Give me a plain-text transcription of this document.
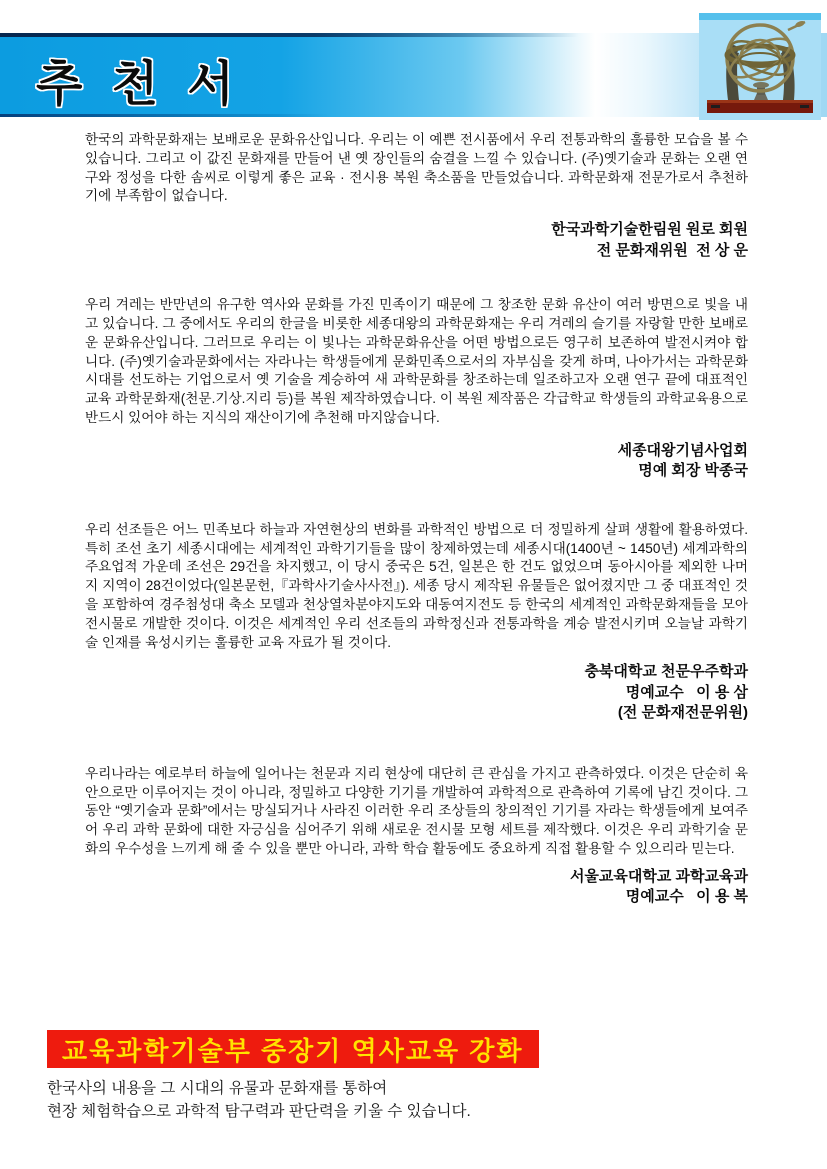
추 천 서

한국의 과학문화재는 보배로운 문화유산입니다. 우리는 이 예쁜 전시품에서 우리 전통과학의 훌륭한 모습을 볼 수 있습니다. 그리고 이 값진 문화재를 만들어 낸 옛 장인들의 숨결을 느낄 수 있습니다. (주)옛기술과 문화는 오랜 연구와 정성을 다한 솜씨로 이렇게 좋은 교육 · 전시용 복원 축소품을 만들었습니다. 과학문화재 전문가로서 추천하기에 부족함이 없습니다.

한국과학기술한림원 원로 회원
전 문화재위원  전 상 운

우리 겨레는 반만년의 유구한 역사와 문화를 가진 민족이기 때문에 그 창조한 문화 유산이 여러 방면으로 빛을 내고 있습니다. 그 중에서도 우리의 한글을 비롯한 세종대왕의 과학문화재는 우리 겨레의 슬기를 자랑할 만한 보배로운 문화유산입니다. 그러므로 우리는 이 빛나는 과학문화유산을 어떤 방법으로든 영구히 보존하여 발전시켜야 합니다. (주)옛기술과문화에서는 자라나는 학생들에게 문화민족으로서의 자부심을 갖게 하며, 나아가서는 과학문화시대를 선도하는 기업으로서 옛 기술을 계승하여 새 과학문화를 창조하는데 일조하고자 오랜 연구 끝에 대표적인 교육 과학문화재(천문.기상.지리 등)를 복원 제작하였습니다. 이 복원 제작품은 각급학교 학생들의 과학교육용으로 반드시 있어야 하는 지식의 재산이기에 추천해 마지않습니다.

세종대왕기념사업회
명예 회장 박종국

우리 선조들은 어느 민족보다 하늘과 자연현상의 변화를 과학적인 방법으로 더 정밀하게 살펴 생활에 활용하였다. 특히 조선 초기 세종시대에는 세계적인 과학기기들을 많이 창제하였는데 세종시대(1400년 ~ 1450년) 세계과학의 주요업적 가운데 조선은 29건을 차지했고, 이 당시 중국은 5건, 일본은 한 건도 없었으며 동아시아를 제외한 나머지 지역이 28건이었다(일본문헌,『과학사기술사사전』). 세종 당시 제작된 유물들은 없어졌지만 그 중 대표적인 것을 포함하여 경주첨성대 축소 모델과 천상열차분야지도와 대동여지전도 등 한국의 세계적인 과학문화재들을 모아 전시물로 개발한 것이다. 이것은 세계적인 우리 선조들의 과학정신과 전통과학을 계승 발전시키며 오늘날 과학기술 인재를 육성시키는 훌륭한 교육 자료가 될 것이다.

충북대학교 천문우주학과
명예교수   이 용 삼
(전 문화재전문위원)

우리나라는 예로부터 하늘에 일어나는 천문과 지리 현상에 대단히 큰 관심을 가지고 관측하였다. 이것은 단순히 육안으로만 이루어지는 것이 아니라, 정밀하고 다양한 기기를 개발하여 과학적으로 관측하여 기록에 남긴 것이다. 그 동안 “옛기술과 문화”에서는 망실되거나 사라진 이러한 우리 조상들의 창의적인 기기를 자라는 학생들에게 보여주어 우리 과학 문화에 대한 자긍심을 심어주기 위해 새로운 전시물 모형 세트를 제작했다. 이것은 우리 과학기술 문화의 우수성을 느끼게 해 줄 수 있을 뿐만 아니라, 과학 학습 활동에도 중요하게 직접 활용할 수 있으리라 믿는다.

서울교육대학교 과학교육과
명예교수   이 용 복
교육과학기술부 중장기 역사교육 강화
한국사의 내용을 그 시대의 유물과 문화재를 통하여
현장 체험학습으로 과학적 탐구력과 판단력을 키울 수 있습니다.
